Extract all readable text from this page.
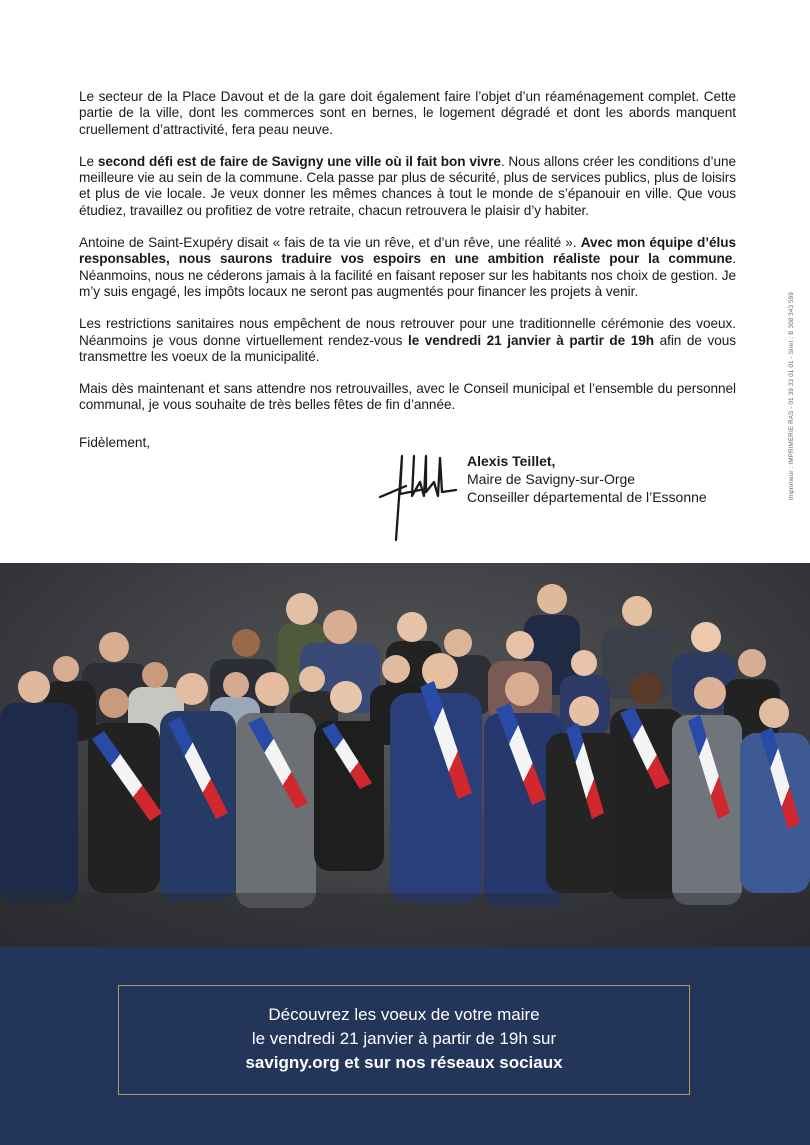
Le secteur de la Place Davout et de la gare doit également faire l’objet d’un réaménagement complet. Cette partie de la ville, dont les commerces sont en bernes, le logement dégradé et dont les abords manquent cruellement d’attractivité, fera peau neuve.

Le second défi est de faire de Savigny une ville où il fait bon vivre. Nous allons créer les conditions d’une meilleure vie au sein de la commune. Cela passe par plus de sécurité, plus de services publics, plus de loisirs et plus de vie locale. Je veux donner les mêmes chances à tout le monde de s’épanouir en ville. Que vous étudiez, travaillez ou profitiez de votre retraite, chacun retrouvera le plaisir d’y habiter.

Antoine de Saint-Exupéry disait « fais de ta vie un rêve, et d’un rêve, une réalité ». Avec mon équipe d’élus responsables, nous saurons traduire vos espoirs en une ambition réaliste pour la commune. Néanmoins, nous ne céderons jamais à la facilité en faisant reposer sur les habitants nos choix de gestion. Je m’y suis engagé, les impôts locaux ne seront pas augmentés pour financer les projets à venir.

Les restrictions sanitaires nous empêchent de nous retrouver pour une traditionnelle cérémonie des voeux. Néanmoins je vous donne virtuellement rendez-vous le vendredi 21 janvier à partir de 19h afin de vous transmettre les voeux de la municipalité.

Mais dès maintenant et sans attendre nos retrouvailles, avec le Conseil municipal et l’ensemble du personnel communal, je vous souhaite de très belles fêtes de fin d’année.

Fidèlement,
Alexis Teillet,
Maire de Savigny-sur-Orge
Conseiller départemental de l’Essonne	Imprimeur : IMPRIMERIE RAS - 01 39 33 01 01 - Siret : B 308 343 599
Découvrez les voeux de votre maire
le vendredi 21 janvier à partir de 19h sur
savigny.org et sur nos réseaux sociaux
